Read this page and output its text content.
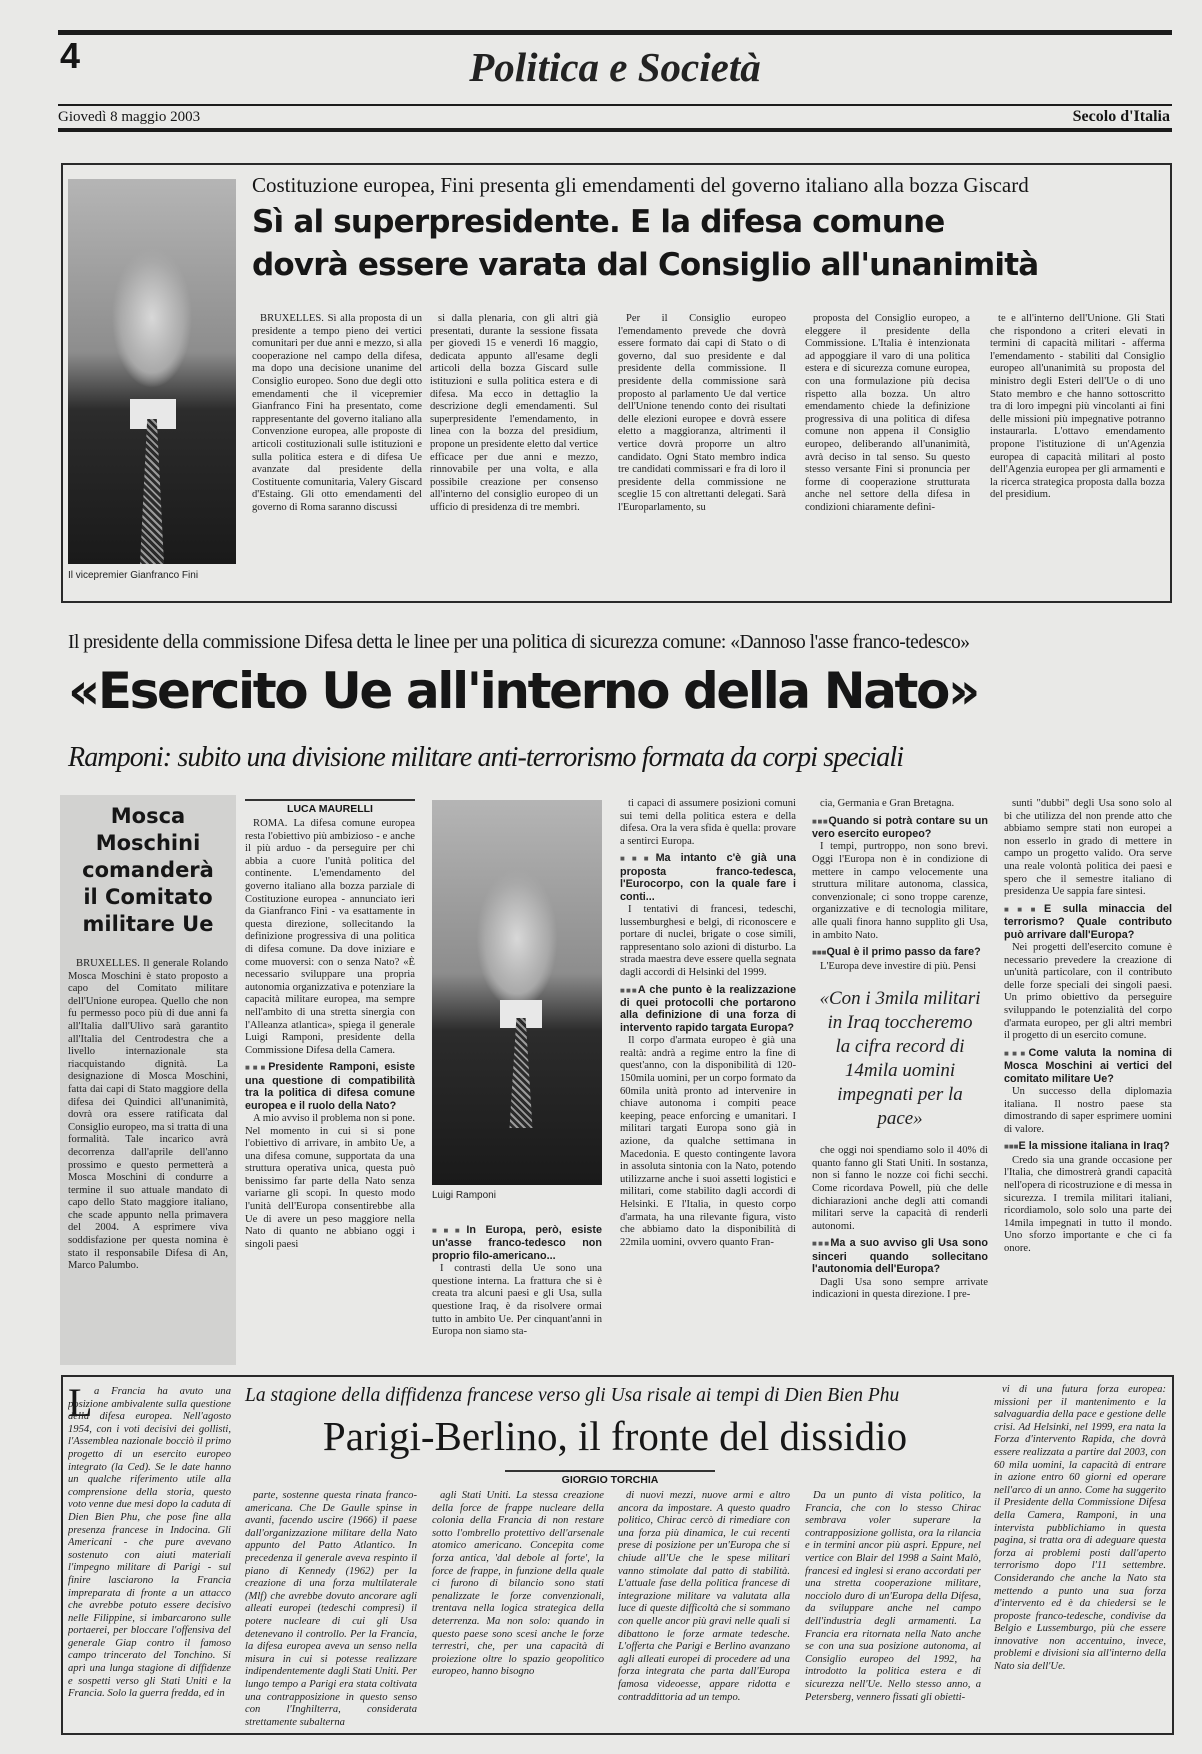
4	Politica e Società
Giovedì 8 maggio 2003	Secolo d'Italia
Il vicepremier Gianfranco Fini
Costituzione europea, Fini presenta gli emendamenti del governo italiano alla bozza Giscard
Sì al superpresidente. E la difesa comune
dovrà essere varata dal Consiglio all'unanimità

BRUXELLES. Sì alla proposta di un presidente a tempo pieno dei vertici comunitari per due anni e mezzo, sì alla cooperazione nel campo della difesa, ma dopo una decisione unanime del Consiglio europeo. Sono due degli otto emendamenti che il vicepremier Gianfranco Fini ha presentato, come rappresentante del governo italiano alla Convenzione europea, alle proposte di articoli costituzionali sulle istituzioni e sulla politica estera e di difesa Ue avanzate dal presidente della Costituente comunitaria, Valery Giscard d'Estaing. Gli otto emendamenti del governo di Roma saranno discussi

si dalla plenaria, con gli altri già presentati, durante la sessione fissata per giovedì 15 e venerdì 16 maggio, dedicata appunto all'esame degli articoli della bozza Giscard sulle istituzioni e sulla politica estera e di difesa. Ma ecco in dettaglio la descrizione degli emendamenti. Sul superpresidente l'emendamento, in linea con la bozza del presidium, propone un presidente eletto dal vertice efficace per due anni e mezzo, rinnovabile per una volta, e alla possibile creazione per consenso all'interno del consiglio europeo di un ufficio di presidenza di tre membri.

Per il Consiglio europeo l'emendamento prevede che dovrà essere formato dai capi di Stato o di governo, dal suo presidente e dal presidente della commissione. Il presidente della commissione sarà proposto al parlamento Ue dal vertice dell'Unione tenendo conto dei risultati delle elezioni europee e dovrà essere eletto a maggioranza, altrimenti il vertice dovrà proporre un altro candidato. Ogni Stato membro indica tre candidati commissari e fra di loro il presidente della commissione ne sceglie 15 con altrettanti delegati. Sarà l'Europarlamento, su

proposta del Consiglio europeo, a eleggere il presidente della Commissione. L'Italia è intenzionata ad appoggiare il varo di una politica estera e di sicurezza comune europea, con una formulazione più decisa rispetto alla bozza. Un altro emendamento chiede la definizione progressiva di una politica di difesa comune non appena il Consiglio europeo, deliberando all'unanimità, avrà deciso in tal senso. Su questo stesso versante Fini si pronuncia per forme di cooperazione strutturata anche nel settore della difesa in condizioni chiaramente defini-

te e all'interno dell'Unione. Gli Stati che rispondono a criteri elevati in termini di capacità militari - afferma l'emendamento - stabiliti dal Consiglio europeo all'unanimità su proposta del ministro degli Esteri dell'Ue o di uno Stato membro e che hanno sottoscritto tra di loro impegni più vincolanti ai fini delle missioni più impegnative potranno instaurarla. L'ottavo emendamento propone l'istituzione di un'Agenzia europea di capacità militari al posto dell'Agenzia europea per gli armamenti e la ricerca strategica proposta dalla bozza del presidium.

Il presidente della commissione Difesa detta le linee per una politica di sicurezza comune: «Dannoso l'asse franco-tedesco»
«Esercito Ue all'interno della Nato»
Ramponi: subito una divisione militare anti-terrorismo formata da corpi speciali
Mosca Moschini comanderà il Comitato militare Ue

BRUXELLES. Il generale Rolando Mosca Moschini è stato proposto a capo del Comitato militare dell'Unione europea. Quello che non fu permesso poco più di due anni fa all'Italia dall'Ulivo sarà garantito all'Italia del Centrodestra che a livello internazionale sta riacquistando dignità. La designazione di Mosca Moschini, fatta dai capi di Stato maggiore della difesa dei Quindici all'unanimità, dovrà ora essere ratificata dal Consiglio europeo, ma si tratta di una formalità. Tale incarico avrà decorrenza dall'aprile dell'anno prossimo e questo permetterà a Mosca Moschini di condurre a termine il suo attuale mandato di capo dello Stato maggiore italiano, che scade appunto nella primavera del 2004. A esprimere viva soddisfazione per questa nomina è stato il responsabile Difesa di An, Marco Palumbo.

LUCA MAURELLI

ROMA. La difesa comune europea resta l'obiettivo più ambizioso - e anche il più arduo - da perseguire per chi abbia a cuore l'unità politica del continente. L'emendamento del governo italiano alla bozza parziale di Costituzione europea - annunciato ieri da Gianfranco Fini - va esattamente in questa direzione, sollecitando la definizione progressiva di una politica di difesa comune. Da dove iniziare e come muoversi: con o senza Nato? «È necessario sviluppare una propria autonomia organizzativa e potenziare la capacità militare europea, ma sempre nell'ambito di una stretta sinergia con l'Alleanza atlantica», spiega il generale Luigi Ramponi, presidente della Commissione Difesa della Camera.

■■■ Presidente Ramponi, esiste una questione di compatibilità tra la politica di difesa comune europea e il ruolo della Nato?

A mio avviso il problema non si pone. Nel momento in cui si si pone l'obiettivo di arrivare, in ambito Ue, a una difesa comune, supportata da una struttura operativa unica, questa può benissimo far parte della Nato senza variarne gli scopi. In questo modo l'unità dell'Europa consentirebbe alla Ue di avere un peso maggiore nella Nato di quanto ne abbiano oggi i singoli paesi

Luigi Ramponi

■■■ In Europa, però, esiste un'asse franco-tedesco non proprio filo-americano...

I contrasti della Ue sono una questione interna. La frattura che si è creata tra alcuni paesi e gli Usa, sulla questione Iraq, è da risolvere ormai tutto in ambito Ue. Per cinquant'anni in Europa non siamo sta-

ti capaci di assumere posizioni comuni sui temi della politica estera e della difesa. Ora la vera sfida è quella: provare a sentirci Europa.

■■■ Ma intanto c'è già una proposta franco-tedesca, l'Eurocorpo, con la quale fare i conti...

I tentativi di francesi, tedeschi, lussemburghesi e belgi, di riconoscere e portare di nuclei, brigate o cose simili, rappresentano solo azioni di disturbo. La strada maestra deve essere quella segnata dagli accordi di Helsinki del 1999.

■■■ A che punto è la realizzazione di quei protocolli che portarono alla definizione di una forza di intervento rapido targata Europa?

Il corpo d'armata europeo è già una realtà: andrà a regime entro la fine di quest'anno, con la disponibilità di 120-150mila uomini, per un corpo formato da 60mila unità pronto ad intervenire in chiave autonoma i compiti peace keeping, peace enforcing e umanitari. I militari targati Europa sono già in azione, da qualche settimana in Macedonia. E questo contingente lavora in assoluta sintonia con la Nato, potendo utilizzarne anche i suoi assetti logistici e militari, come stabilito dagli accordi di Helsinki. E l'Italia, in questo corpo d'armata, ha una rilevante figura, visto che abbiamo dato la disponibilità di 22mila uomini, ovvero quanto Fran-

cia, Germania e Gran Bretagna.

■■■ Quando si potrà contare su un vero esercito europeo?

I tempi, purtroppo, non sono brevi. Oggi l'Europa non è in condizione di mettere in campo velocemente una struttura militare autonoma, classica, convenzionale; ci sono troppe carenze, organizzative e di tecnologia militare, alle quali finora hanno supplito gli Usa, in ambito Nato.

■■■ Qual è il primo passo da fare?

L'Europa deve investire di più. Pensi

«Con i 3mila militari in Iraq toccheremo la cifra record di 14mila uomini impegnati per la pace»

che oggi noi spendiamo solo il 40% di quanto fanno gli Stati Uniti. In sostanza, non si fanno le nozze coi fichi secchi. Come ricordava Powell, più che delle dichiarazioni anche degli atti comandi militari serve la capacità di renderli autonomi.

■■■ Ma a suo avviso gli Usa sono sinceri quando sollecitano l'autonomia dell'Europa?

Dagli Usa sono sempre arrivate indicazioni in questa direzione. I pre-

sunti "dubbi" degli Usa sono solo al bi che utilizza del non prende atto che abbiamo sempre stati non europei a non esserlo in grado di mettere in campo un progetto valido. Ora serve una reale volontà politica dei paesi e spero che il semestre italiano di presidenza Ue sappia fare sintesi.

■■■ E sulla minaccia del terrorismo? Quale contributo può arrivare dall'Europa?

Nei progetti dell'esercito comune è necessario prevedere la creazione di un'unità particolare, con il contributo delle forze speciali dei singoli paesi. Un primo obiettivo da perseguire sviluppando le potenzialità del corpo d'armata europeo, per gli altri membri il progetto di un esercito comune.

■■■ Come valuta la nomina di Mosca Moschini ai vertici del comitato militare Ue?

Un successo della diplomazia italiana. Il nostro paese sta dimostrando di saper esprimere uomini di valore.

■■■ E la missione italiana in Iraq?

Credo sia una grande occasione per l'Italia, che dimostrerà grandi capacità nell'opera di ricostruzione e di messa in sicurezza. I tremila militari italiani, ricordiamolo, solo solo una parte dei 14mila impegnati in tutto il mondo. Uno sforzo importante e che ci fa onore.

L a Francia ha avuto una posizione ambivalente sulla questione della difesa europea. Nell'agosto 1954, con i voti decisivi dei gollisti, l'Assemblea nazionale bocciò il primo progetto di un esercito europeo integrato (la Ced). Se le date hanno un qualche riferimento utile alla comprensione della storia, questo voto venne due mesi dopo la caduta di Dien Bien Phu, che pose fine alla presenza francese in Indocina. Gli Americani - che pure avevano sostenuto con aiuti materiali l'impegno militare di Parigi - sul finire lasciarono la Francia impreparata di fronte a un attacco che avrebbe potuto essere decisivo nelle Filippine, si imbarcarono sulle portaerei, per bloccare l'offensiva del generale Giap contro il famoso campo trincerato del Tonchino. Si aprì una lunga stagione di diffidenze e sospetti verso gli Stati Uniti e la Francia. Solo la guerra fredda, ed in

La stagione della diffidenza francese verso gli Usa risale ai tempi di Dien Bien Phu
Parigi-Berlino, il fronte del dissidio
GIORGIO TORCHIA

parte, sostenne questa rinata franco-americana. Che De Gaulle spinse in avanti, facendo uscire (1966) il paese dall'organizzazione militare della Nato appunto del Patto Atlantico. In precedenza il generale aveva respinto il piano di Kennedy (1962) per la creazione di una forza multilaterale (Mlf) che avrebbe dovuto ancorare agli alleati europei (tedeschi compresi) il potere nucleare di cui gli Usa detenevano il controllo. Per la Francia, la difesa europea aveva un senso nella misura in cui si potesse realizzare indipendentemente dagli Stati Uniti. Per lungo tempo a Parigi era stata coltivata una contrapposizione in questo senso con l'Inghilterra, considerata strettamente subalterna

agli Stati Uniti. La stessa creazione della force de frappe nucleare della colonia della Francia di non restare sotto l'ombrello protettivo dell'arsenale atomico americano. Concepita come forza antica, 'dal debole al forte', la force de frappe, in funzione della quale ci furono di bilancio sono stati penalizzate le forze convenzionali, trentava nella logica strategica della deterrenza. Ma non solo: quando in questo paese sono scesi anche le forze terrestri, che, per una capacità di proiezione oltre lo spazio geopolitico europeo, hanno bisogno

di nuovi mezzi, nuove armi e altro ancora da impostare. A questo quadro politico, Chirac cercò di rimediare con una forza più dinamica, le cui recenti prese di posizione per un'Europa che si chiude all'Ue che le spese militari vanno stimolate dal patto di stabilità. L'attuale fase della politica francese di integrazione militare va valutata alla luce di queste difficoltà che si sommano con quelle ancor più gravi nelle quali si dibattono le forze armate tedesche. L'offerta che Parigi e Berlino avanzano agli alleati europei di procedere ad una forza integrata che parta dall'Europa famosa videoesse, appare ridotta e contraddittoria ad un tempo.

Da un punto di vista politico, la Francia, che con lo stesso Chirac sembrava voler superare la contrapposizione gollista, ora la rilancia e in termini ancor più aspri. Eppure, nel vertice con Blair del 1998 a Saint Malò, francesi ed inglesi si erano accordati per una stretta cooperazione militare, nocciolo duro di un'Europa della Difesa, da sviluppare anche nel campo dell'industria degli armamenti. La Francia era ritornata nella Nato anche se con una sua posizione autonoma, al Consiglio europeo del 1992, ha introdotto la politica estera e di sicurezza nell'Ue. Nello stesso anno, a Petersberg, vennero fissati gli obietti-

vi di una futura forza europea: missioni per il mantenimento e la salvaguardia della pace e gestione delle crisi. Ad Helsinki, nel 1999, era nata la Forza d'intervento Rapida, che dovrà essere realizzata a partire dal 2003, con 60 mila uomini, la capacità di entrare in azione entro 60 giorni ed operare nell'arco di un anno. Come ha suggerito il Presidente della Commissione Difesa della Camera, Ramponi, in una intervista pubblichiamo in questa pagina, si tratta ora di adeguare questa forza ai problemi posti dall'aperto terrorismo dopo l'11 settembre. Considerando che anche la Nato sta mettendo a punto una sua forza d'intervento ed è da chiedersi se le proposte franco-tedesche, condivise da Belgio e Lussemburgo, più che essere innovative non accentuino, invece, problemi e divisioni sia all'interno della Nato sia dell'Ue.
